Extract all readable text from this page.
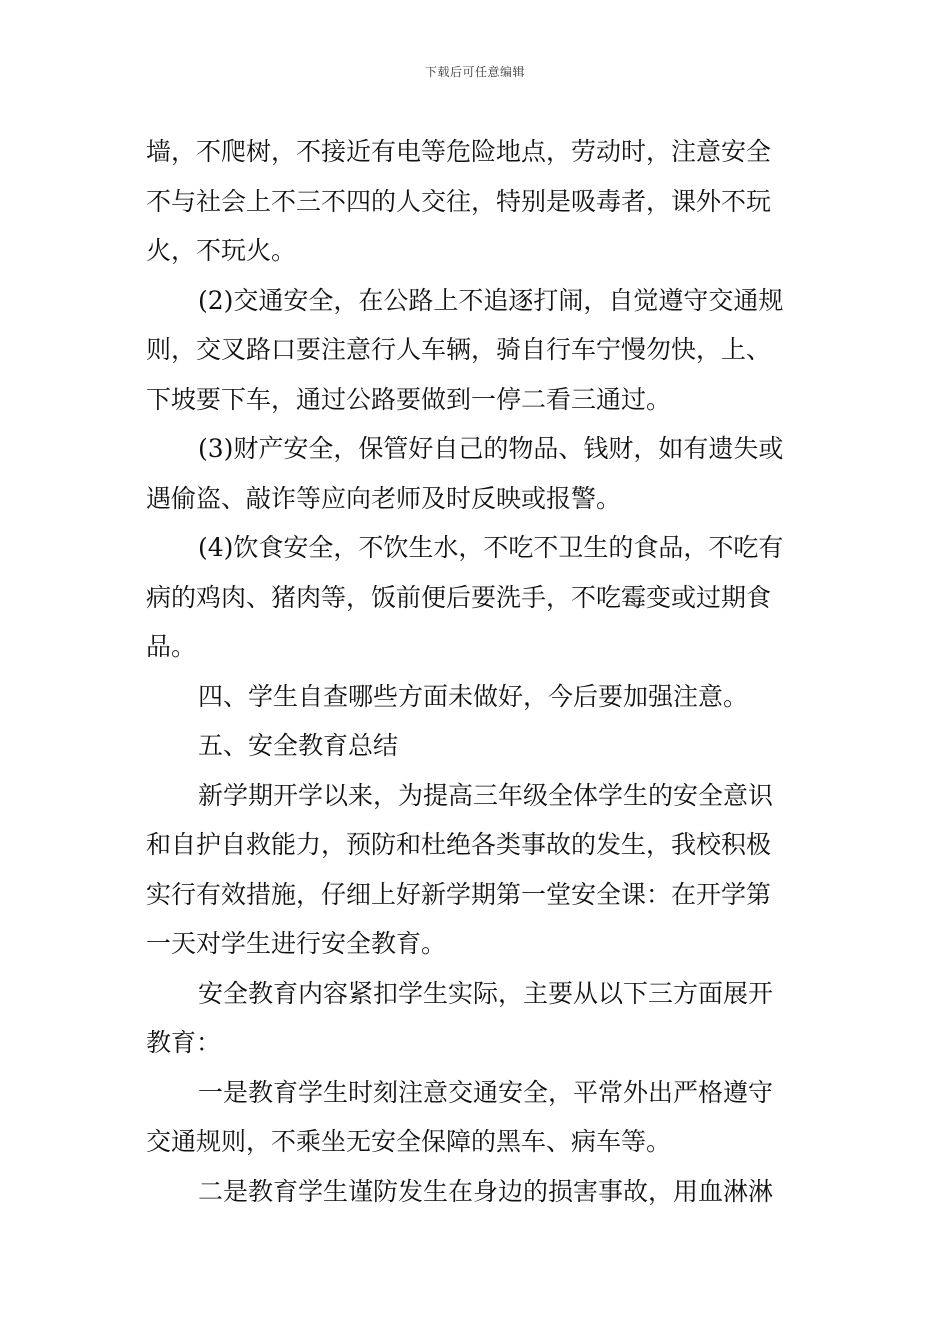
下载后可任意编辑
墙，不爬树，不接近有电等危险地点，劳动时，注意安全
不与社会上不三不四的人交往，特别是吸毒者，课外不玩
火，不玩火。
(2)交通安全，在公路上不追逐打闹，自觉遵守交通规
则，交叉路口要注意行人车辆，骑自行车宁慢勿快，上、
下坡要下车，通过公路要做到一停二看三通过。
(3)财产安全，保管好自己的物品、钱财，如有遗失或
遇偷盗、敲诈等应向老师及时反映或报警。
(4)饮食安全，不饮生水，不吃不卫生的食品，不吃有
病的鸡肉、猪肉等，饭前便后要洗手，不吃霉变或过期食
品。
四、学生自查哪些方面未做好，今后要加强注意。
五、安全教育总结
新学期开学以来，为提高三年级全体学生的安全意识
和自护自救能力，预防和杜绝各类事故的发生，我校积极
实行有效措施，仔细上好新学期第一堂安全课：在开学第
一天对学生进行安全教育。
安全教育内容紧扣学生实际，主要从以下三方面展开
教育：
一是教育学生时刻注意交通安全，平常外出严格遵守
交通规则，不乘坐无安全保障的黑车、病车等。
二是教育学生谨防发生在身边的损害事故，用血淋淋
